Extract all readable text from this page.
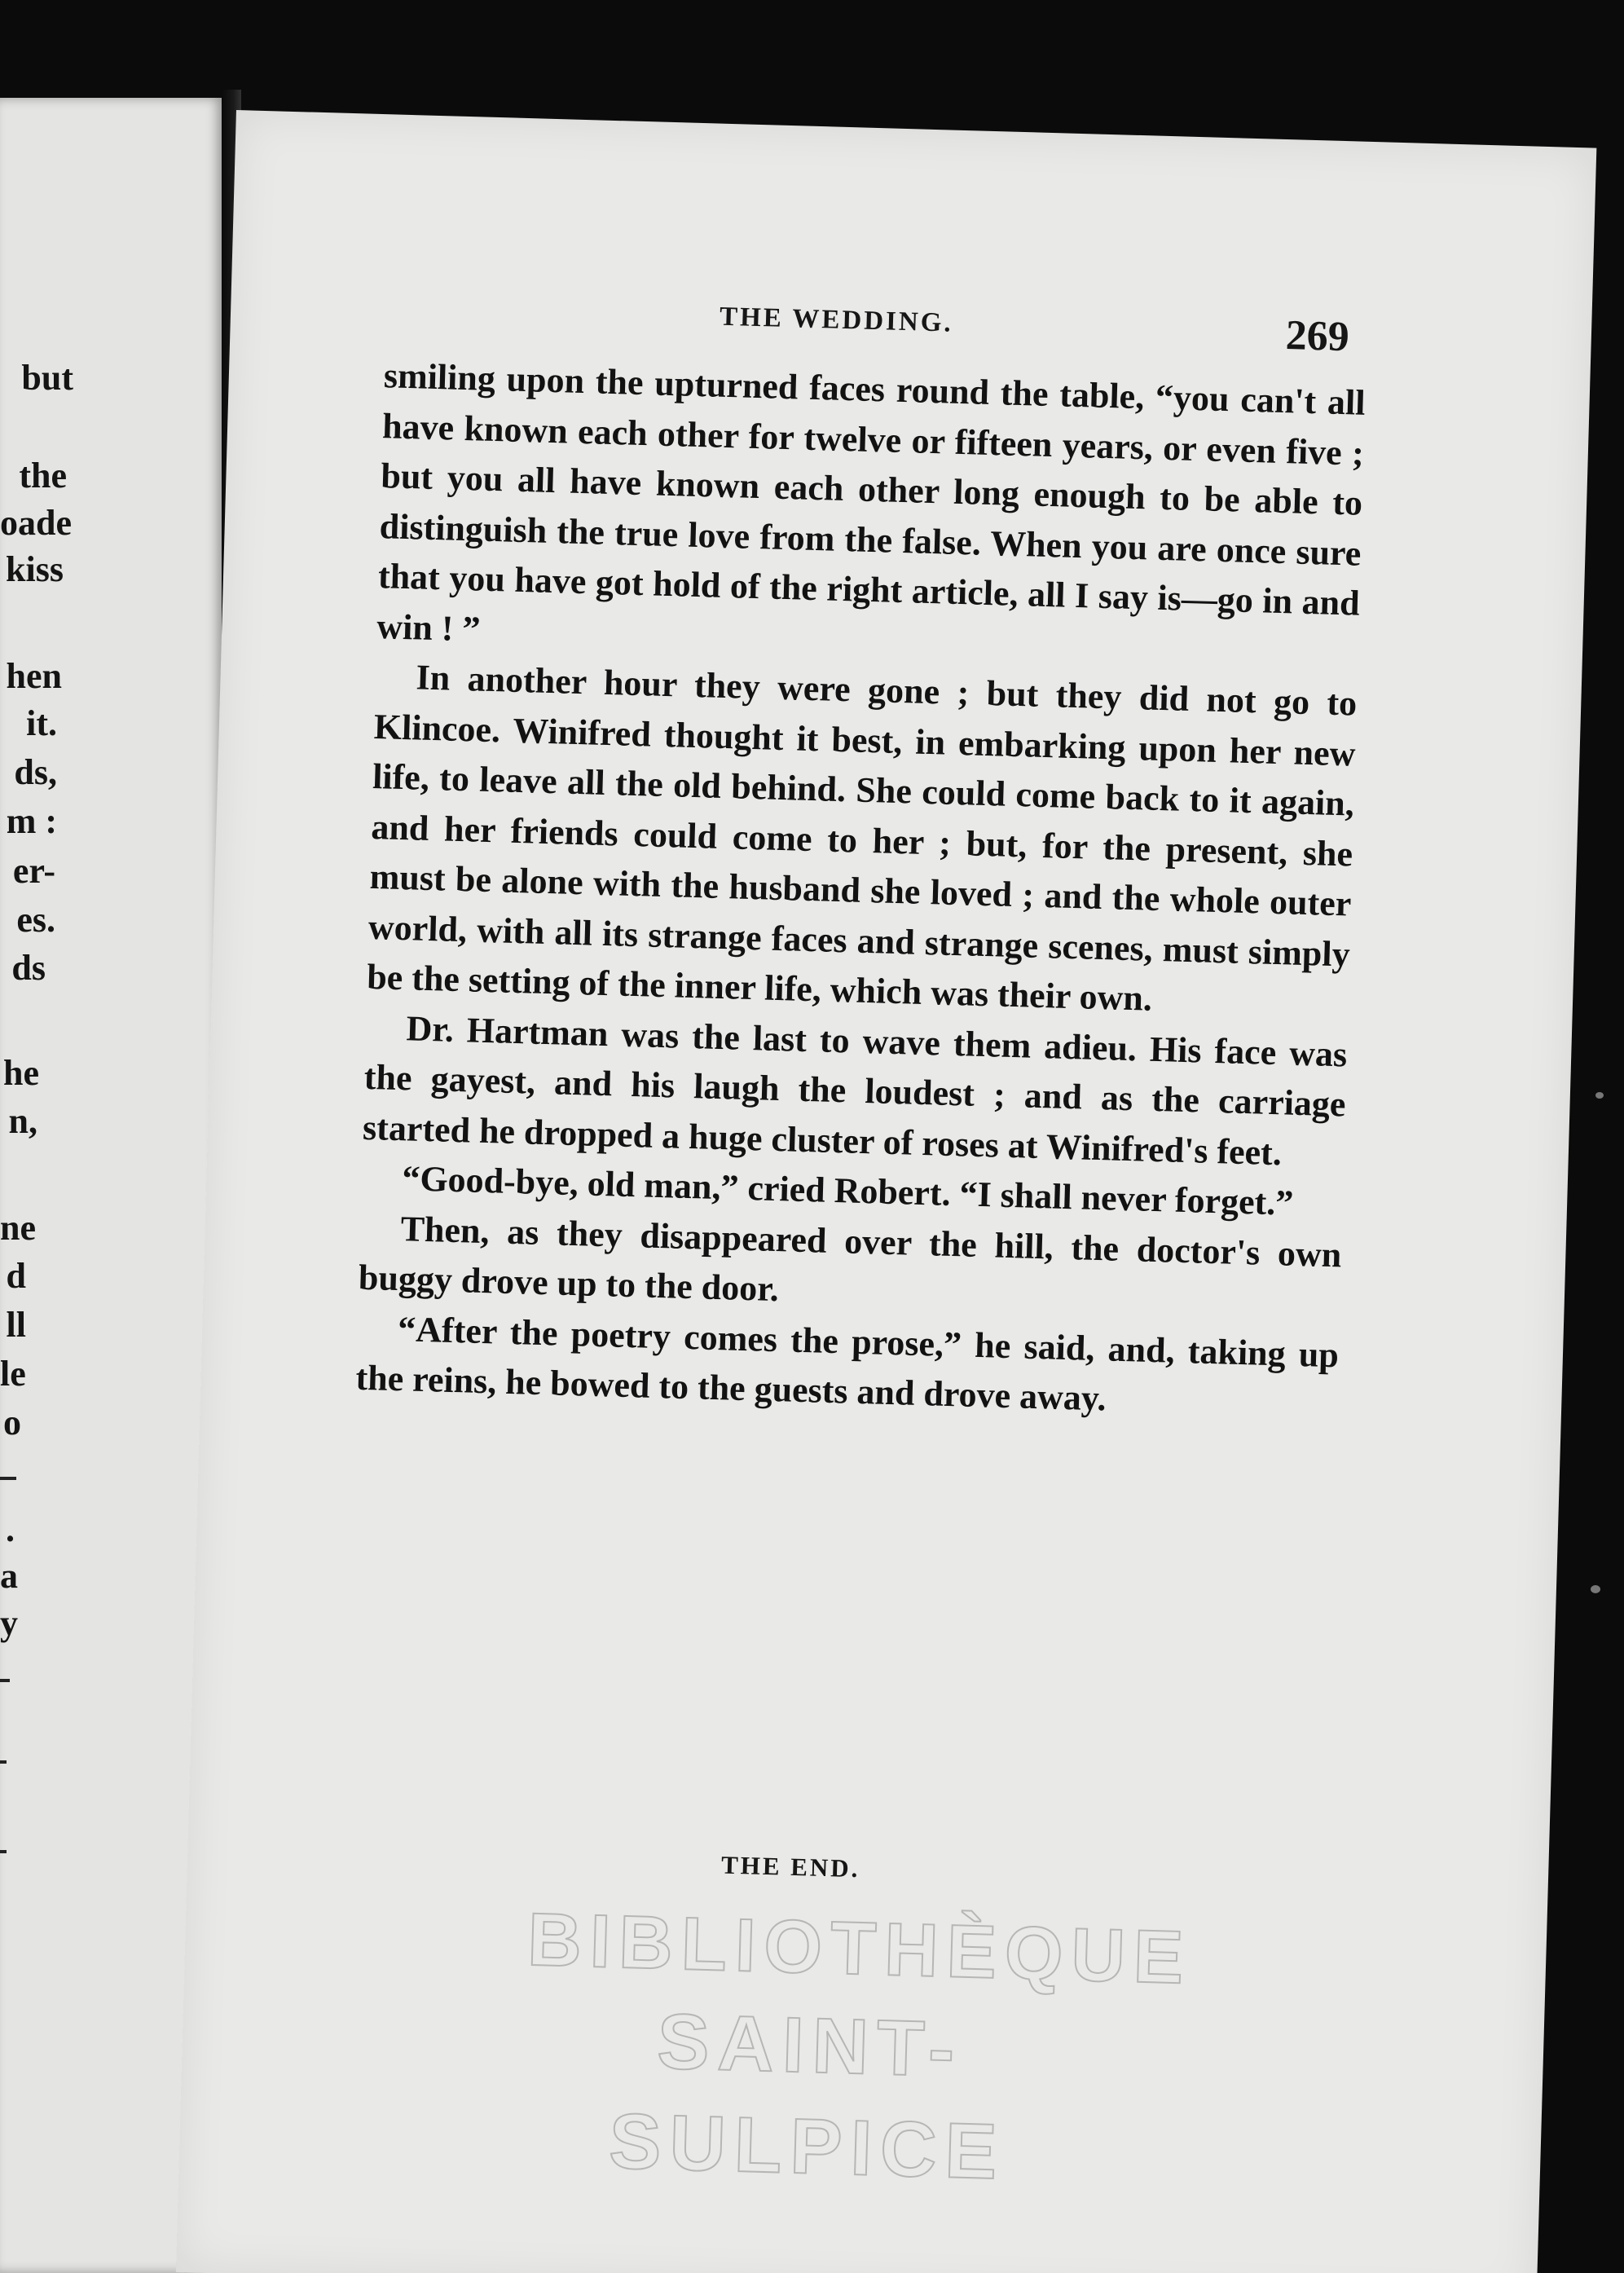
but
the
oade
kiss
hen
it.
ds,
m :
er-
es.
ds
he
n,
ne
d
ll
le
o
.
a
y
THE WEDDING.	269

smiling upon the upturned faces round the table, “you can't all have known each other for twelve or fifteen years, or even five ; but you all have known each other long enough to be able to distinguish the true love from the false. When you are once sure that you have got hold of the right article, all I say is—go in and win ! ”

In another hour they were gone ; but they did not go to Klincoe. Winifred thought it best, in embarking upon her new life, to leave all the old behind. She could come back to it again, and her friends could come to her ; but, for the present, she must be alone with the husband she loved ; and the whole outer world, with all its strange faces and strange scenes, must simply be the setting of the inner life, which was their own.

Dr. Hartman was the last to wave them adieu. His face was the gayest, and his laugh the loudest ; and as the carriage started he dropped a huge cluster of roses at Winifred's feet.

“Good-bye, old man,” cried Robert. “I shall never forget.”

Then, as they disappeared over the hill, the doctor's own buggy drove up to the door.

“After the poetry comes the prose,” he said, and, taking up the reins, he bowed to the guests and drove away.

THE END.
BIBLIOTHÈQUE
SAINT-SULPICE
